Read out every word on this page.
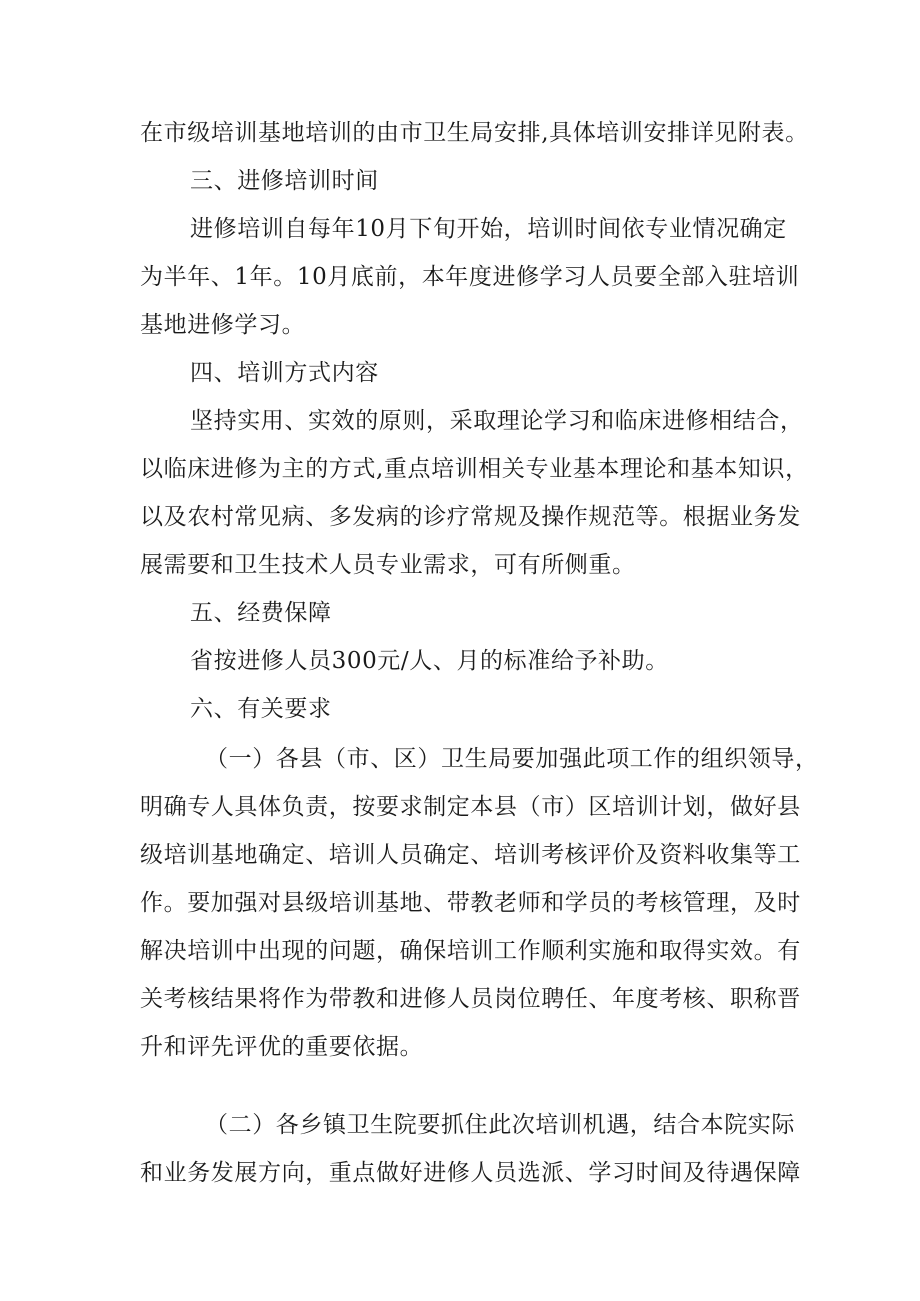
在市级培训基地培训的由市卫生局安排,具体培训安排详见附表。
三、进修培训时间
进修培训自每年10月下旬开始，培训时间依专业情况确定
为半年、1年。10月底前，本年度进修学习人员要全部入驻培训
基地进修学习。
四、培训方式内容
坚持实用、实效的原则，采取理论学习和临床进修相结合，
以临床进修为主的方式,重点培训相关专业基本理论和基本知识，
以及农村常见病、多发病的诊疗常规及操作规范等。根据业务发
展需要和卫生技术人员专业需求，可有所侧重。
五、经费保障
省按进修人员300元/人、月的标准给予补助。
六、有关要求
（一）各县（市、区）卫生局要加强此项工作的组织领导，
明确专人具体负责，按要求制定本县（市）区培训计划，做好县
级培训基地确定、培训人员确定、培训考核评价及资料收集等工
作。要加强对县级培训基地、带教老师和学员的考核管理，及时
解决培训中出现的问题，确保培训工作顺利实施和取得实效。有
关考核结果将作为带教和进修人员岗位聘任、年度考核、职称晋
升和评先评优的重要依据。
（二）各乡镇卫生院要抓住此次培训机遇，结合本院实际
和业务发展方向，重点做好进修人员选派、学习时间及待遇保障
